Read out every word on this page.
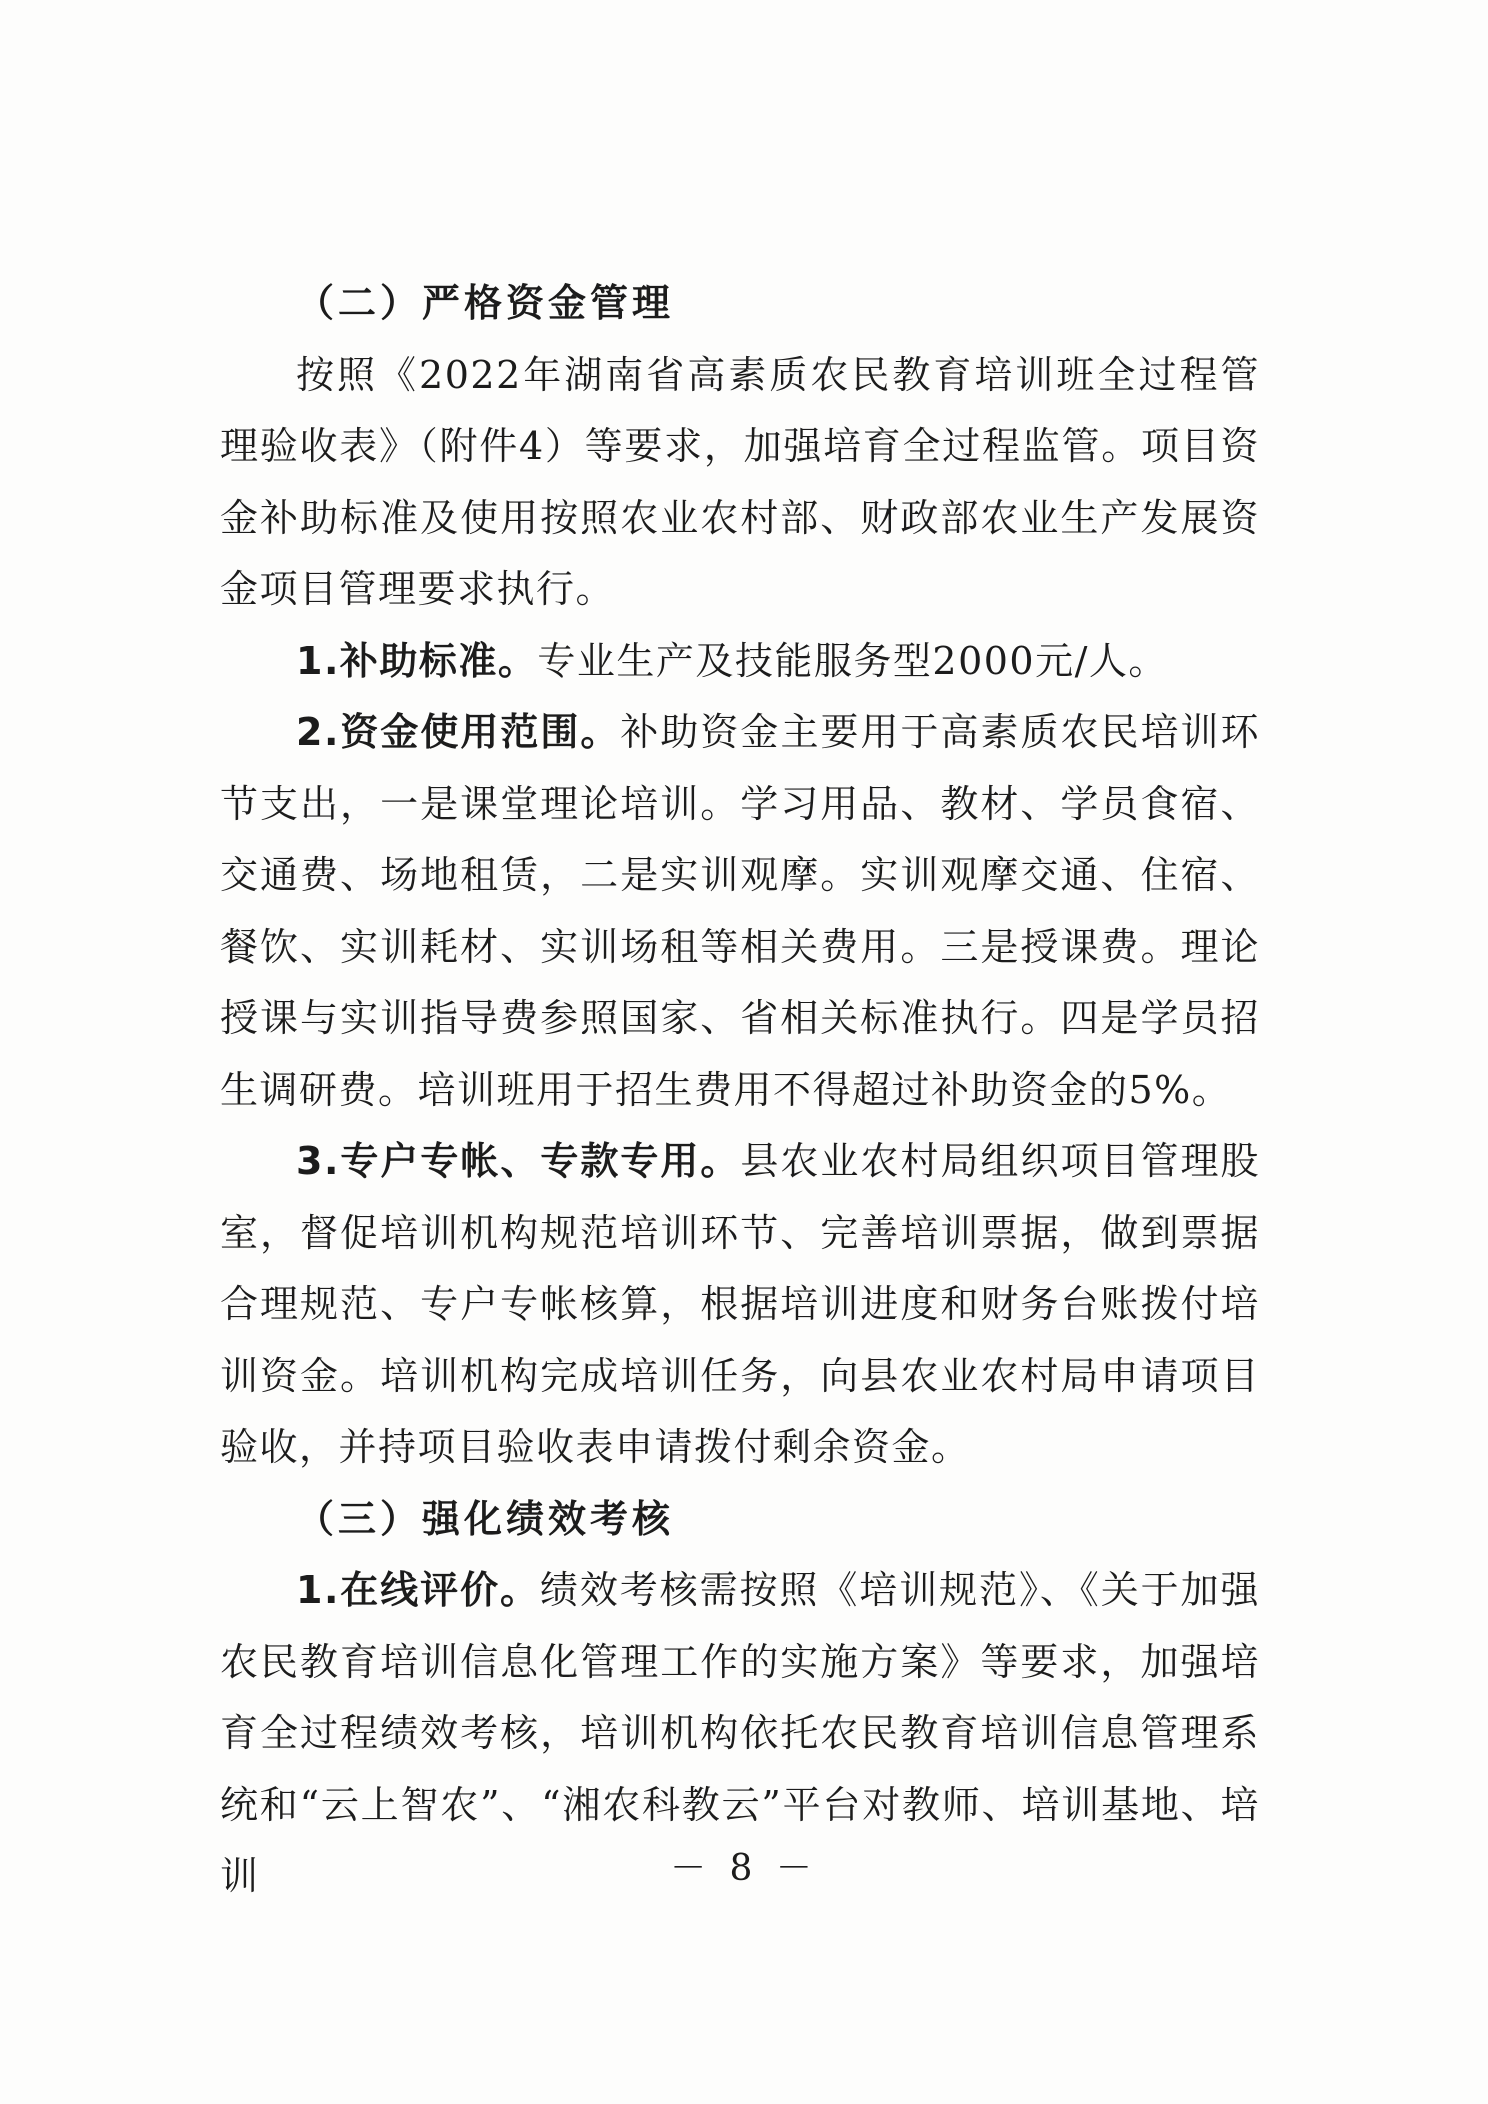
（二）严格资金管理

按照《2022年湖南省高素质农民教育培训班全过程管理验收表》（附件4）等要求，加强培育全过程监管。项目资金补助标准及使用按照农业农村部、财政部农业生产发展资金项目管理要求执行。

1.补助标准。专业生产及技能服务型2000元/人。

2.资金使用范围。补助资金主要用于高素质农民培训环节支出，一是课堂理论培训。学习用品、教材、学员食宿、交通费、场地租赁，二是实训观摩。实训观摩交通、住宿、餐饮、实训耗材、实训场租等相关费用。三是授课费。理论授课与实训指导费参照国家、省相关标准执行。四是学员招生调研费。培训班用于招生费用不得超过补助资金的5%。

3.专户专帐、专款专用。县农业农村局组织项目管理股室，督促培训机构规范培训环节、完善培训票据，做到票据合理规范、专户专帐核算，根据培训进度和财务台账拨付培训资金。培训机构完成培训任务，向县农业农村局申请项目验收，并持项目验收表申请拨付剩余资金。

（三）强化绩效考核

1.在线评价。绩效考核需按照《培训规范》、《关于加强农民教育培训信息化管理工作的实施方案》等要求，加强培育全过程绩效考核，培训机构依托农民教育培训信息管理系统和“云上智农”、“湘农科教云”平台对教师、培训基地、培训	－ 8 －
